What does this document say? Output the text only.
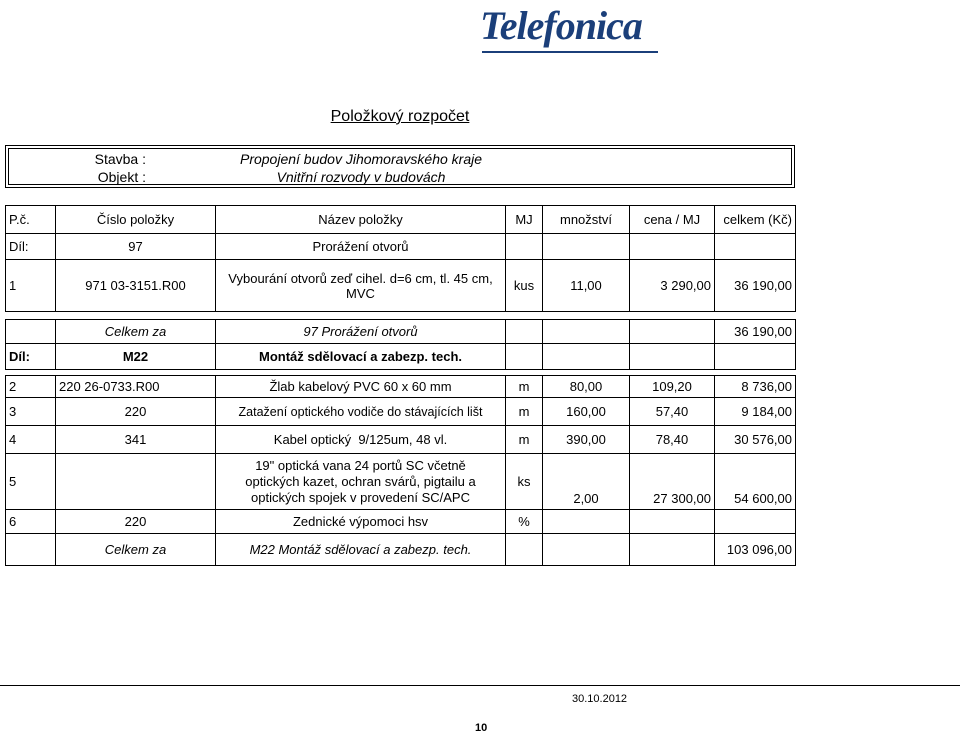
Telefonica
Položkový rozpočet
Stavba :	Propojení budov Jihomoravského kraje
Objekt :	Vnitřní rozvody v budovách
P.č.	Číslo položky	Název položky	MJ	množství	cena / MJ	celkem (Kč)
Díl:	97	Prorážení otvorů				
1	971 03-3151.R00	Vybourání otvorů zeď cihel. d=6 cm, tl. 45 cm, MVC	kus	11,00	3 290,00	36 190,00

	Celkem za	97 Prorážení otvorů				36 190,00
Díl:	M22	Montáž sdělovací a zabezp. tech.				

2	220 26-0733.R00	Žlab kabelový PVC 60 x 60 mm	m	80,00	109,20	8 736,00
3	220	Zatažení optického vodiče do stávajících lišt	m	160,00	57,40	9 184,00
4	341	Kabel optický  9/125um, 48 vl.	m	390,00	78,40	30 576,00
5		19" optická vana 24 portů SC včetně optických kazet, ochran svárů, pigtailu a optických spojek v provedení SC/APC	ks	2,00	27 300,00	54 600,00
6	220	Zednické výpomoci hsv	%			
	Celkem za	M22 Montáž sdělovací a zabezp. tech.				103 096,00
30.10.2012
10
